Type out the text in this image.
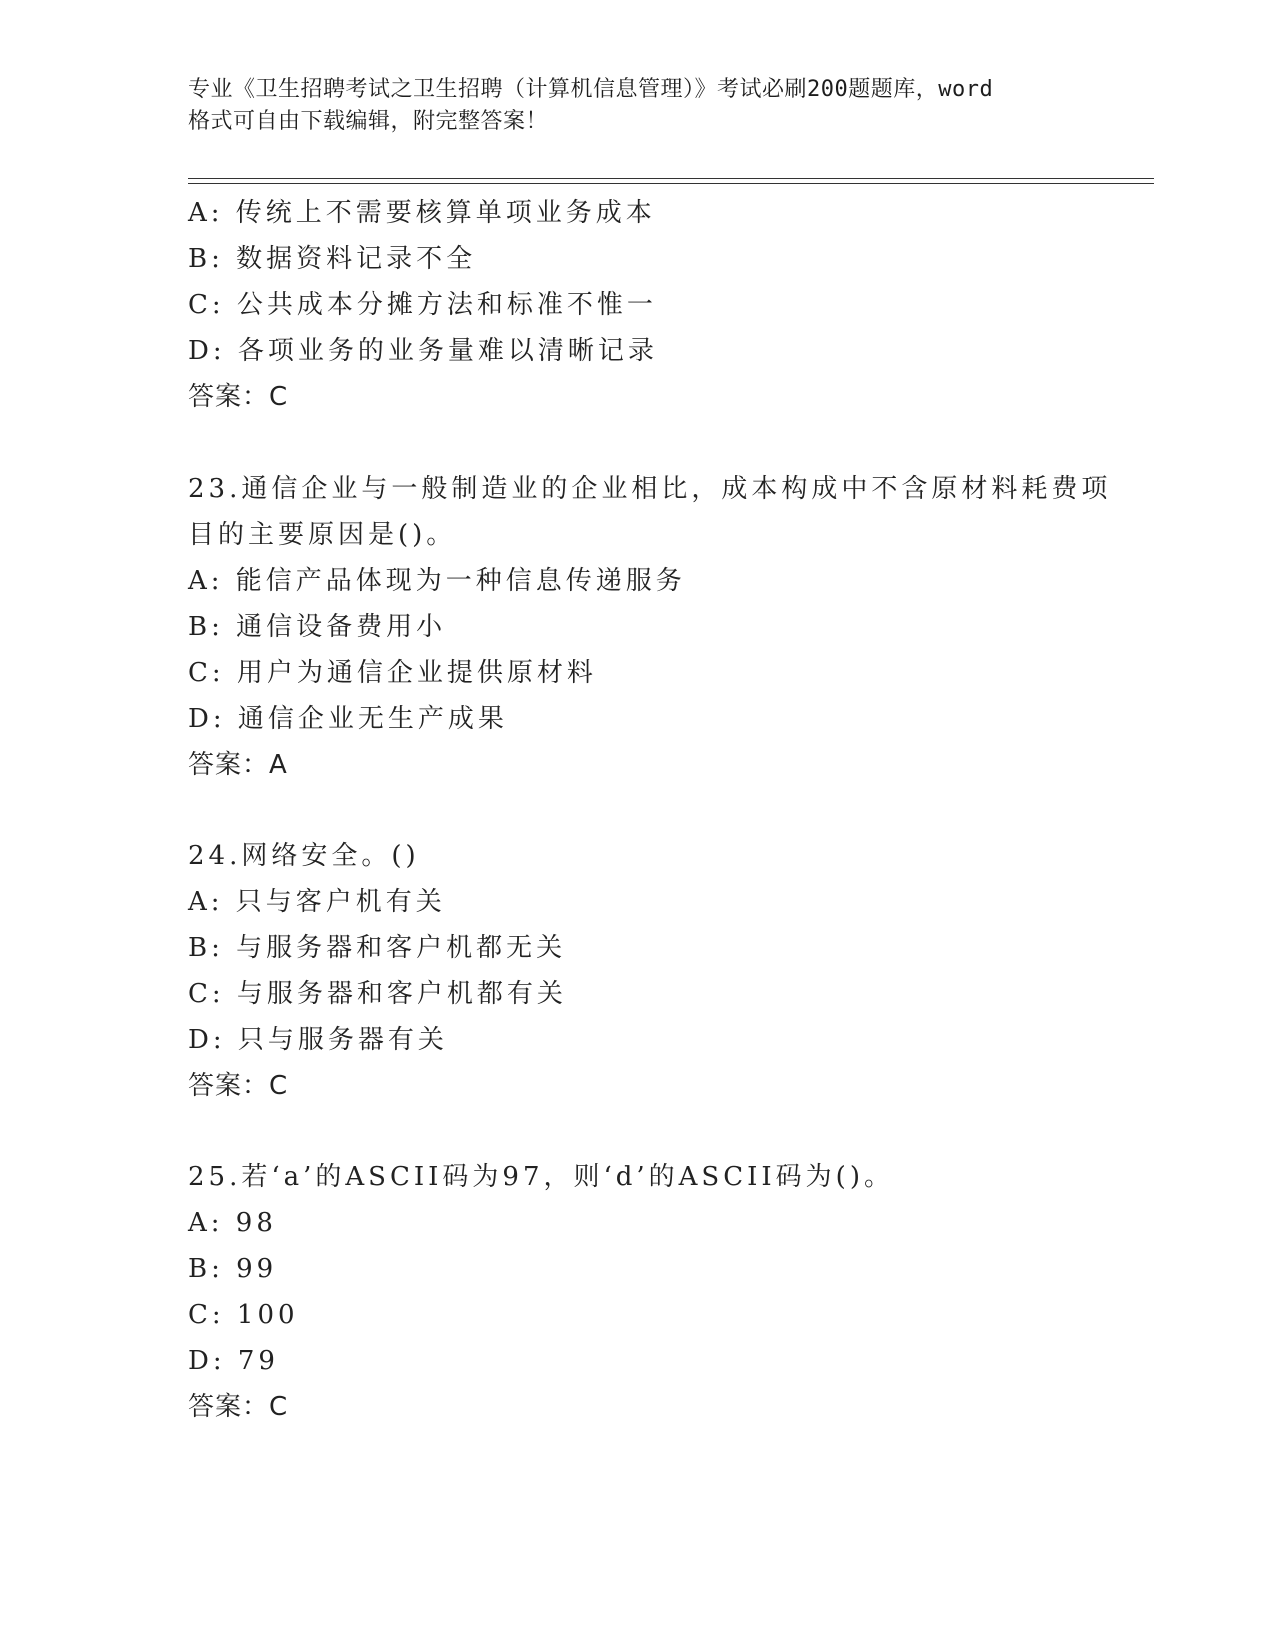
专业《卫生招聘考试之卫生招聘（计算机信息管理）》考试必刷200题题库，word
格式可自由下载编辑，附完整答案！
A: 传统上不需要核算单项业务成本
B: 数据资料记录不全
C: 公共成本分摊方法和标准不惟一
D: 各项业务的业务量难以清晰记录
答案：C
23.通信企业与一般制造业的企业相比，成本构成中不含原材料耗费项
目的主要原因是()。
A: 能信产品体现为一种信息传递服务
B: 通信设备费用小
C: 用户为通信企业提供原材料
D: 通信企业无生产成果
答案：A
24.网络安全。()
A: 只与客户机有关
B: 与服务器和客户机都无关
C: 与服务器和客户机都有关
D: 只与服务器有关
答案：C
25.若‘a’的ASCII码为97，则‘d’的ASCII码为()。
A: 98
B: 99
C: 100
D: 79
答案：C
